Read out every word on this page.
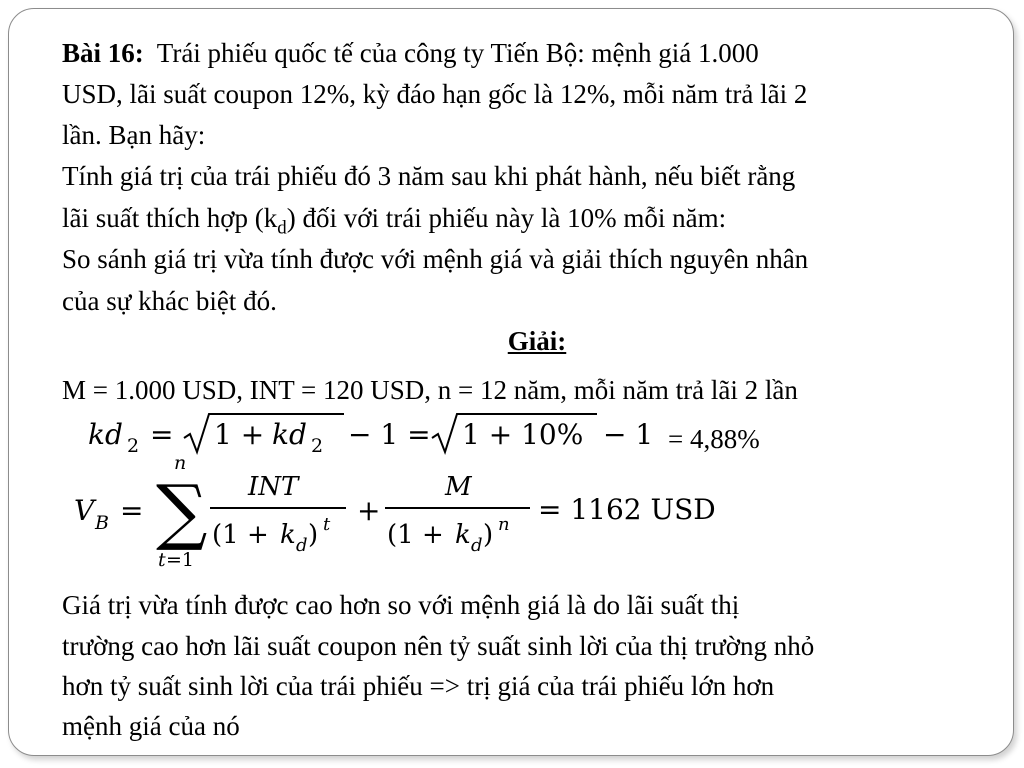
Bài 16: Trái phiếu quốc tế của công ty Tiến Bộ: mệnh giá 1.000

USD, lãi suất coupon 12%, kỳ đáo hạn gốc là 12%, mỗi năm trả lãi 2

lần. Bạn hãy:

Tính giá trị của trái phiếu đó 3 năm sau khi phát hành, nếu biết rằng

lãi suất thích hợp $(k_d)$ đối với trái phiếu này là 10% mỗi năm:

So sánh giá trị vừa tính được với mệnh giá và giải thích nguyên nhân

của sự khác biệt đó.

Giải:

M = 1.000 USD, INT = 120 USD, n = 12 năm, mỗi năm trả lãi 2 lần

kd 2 = 1 + kd 2 − 1 = 1 + 10% − 1 = 4,88%
V B =
n
∑
t =1
INT
(1 + k d ) t +
M
(1 + k d ) n = 1162 USD

Giá trị vừa tính được cao hơn so với mệnh giá là do lãi suất thị

trường cao hơn lãi suất coupon nên tỷ suất sinh lời của thị trường nhỏ

hơn tỷ suất sinh lời của trái phiếu => trị giá của trái phiếu lớn hơn

mệnh giá của nó
